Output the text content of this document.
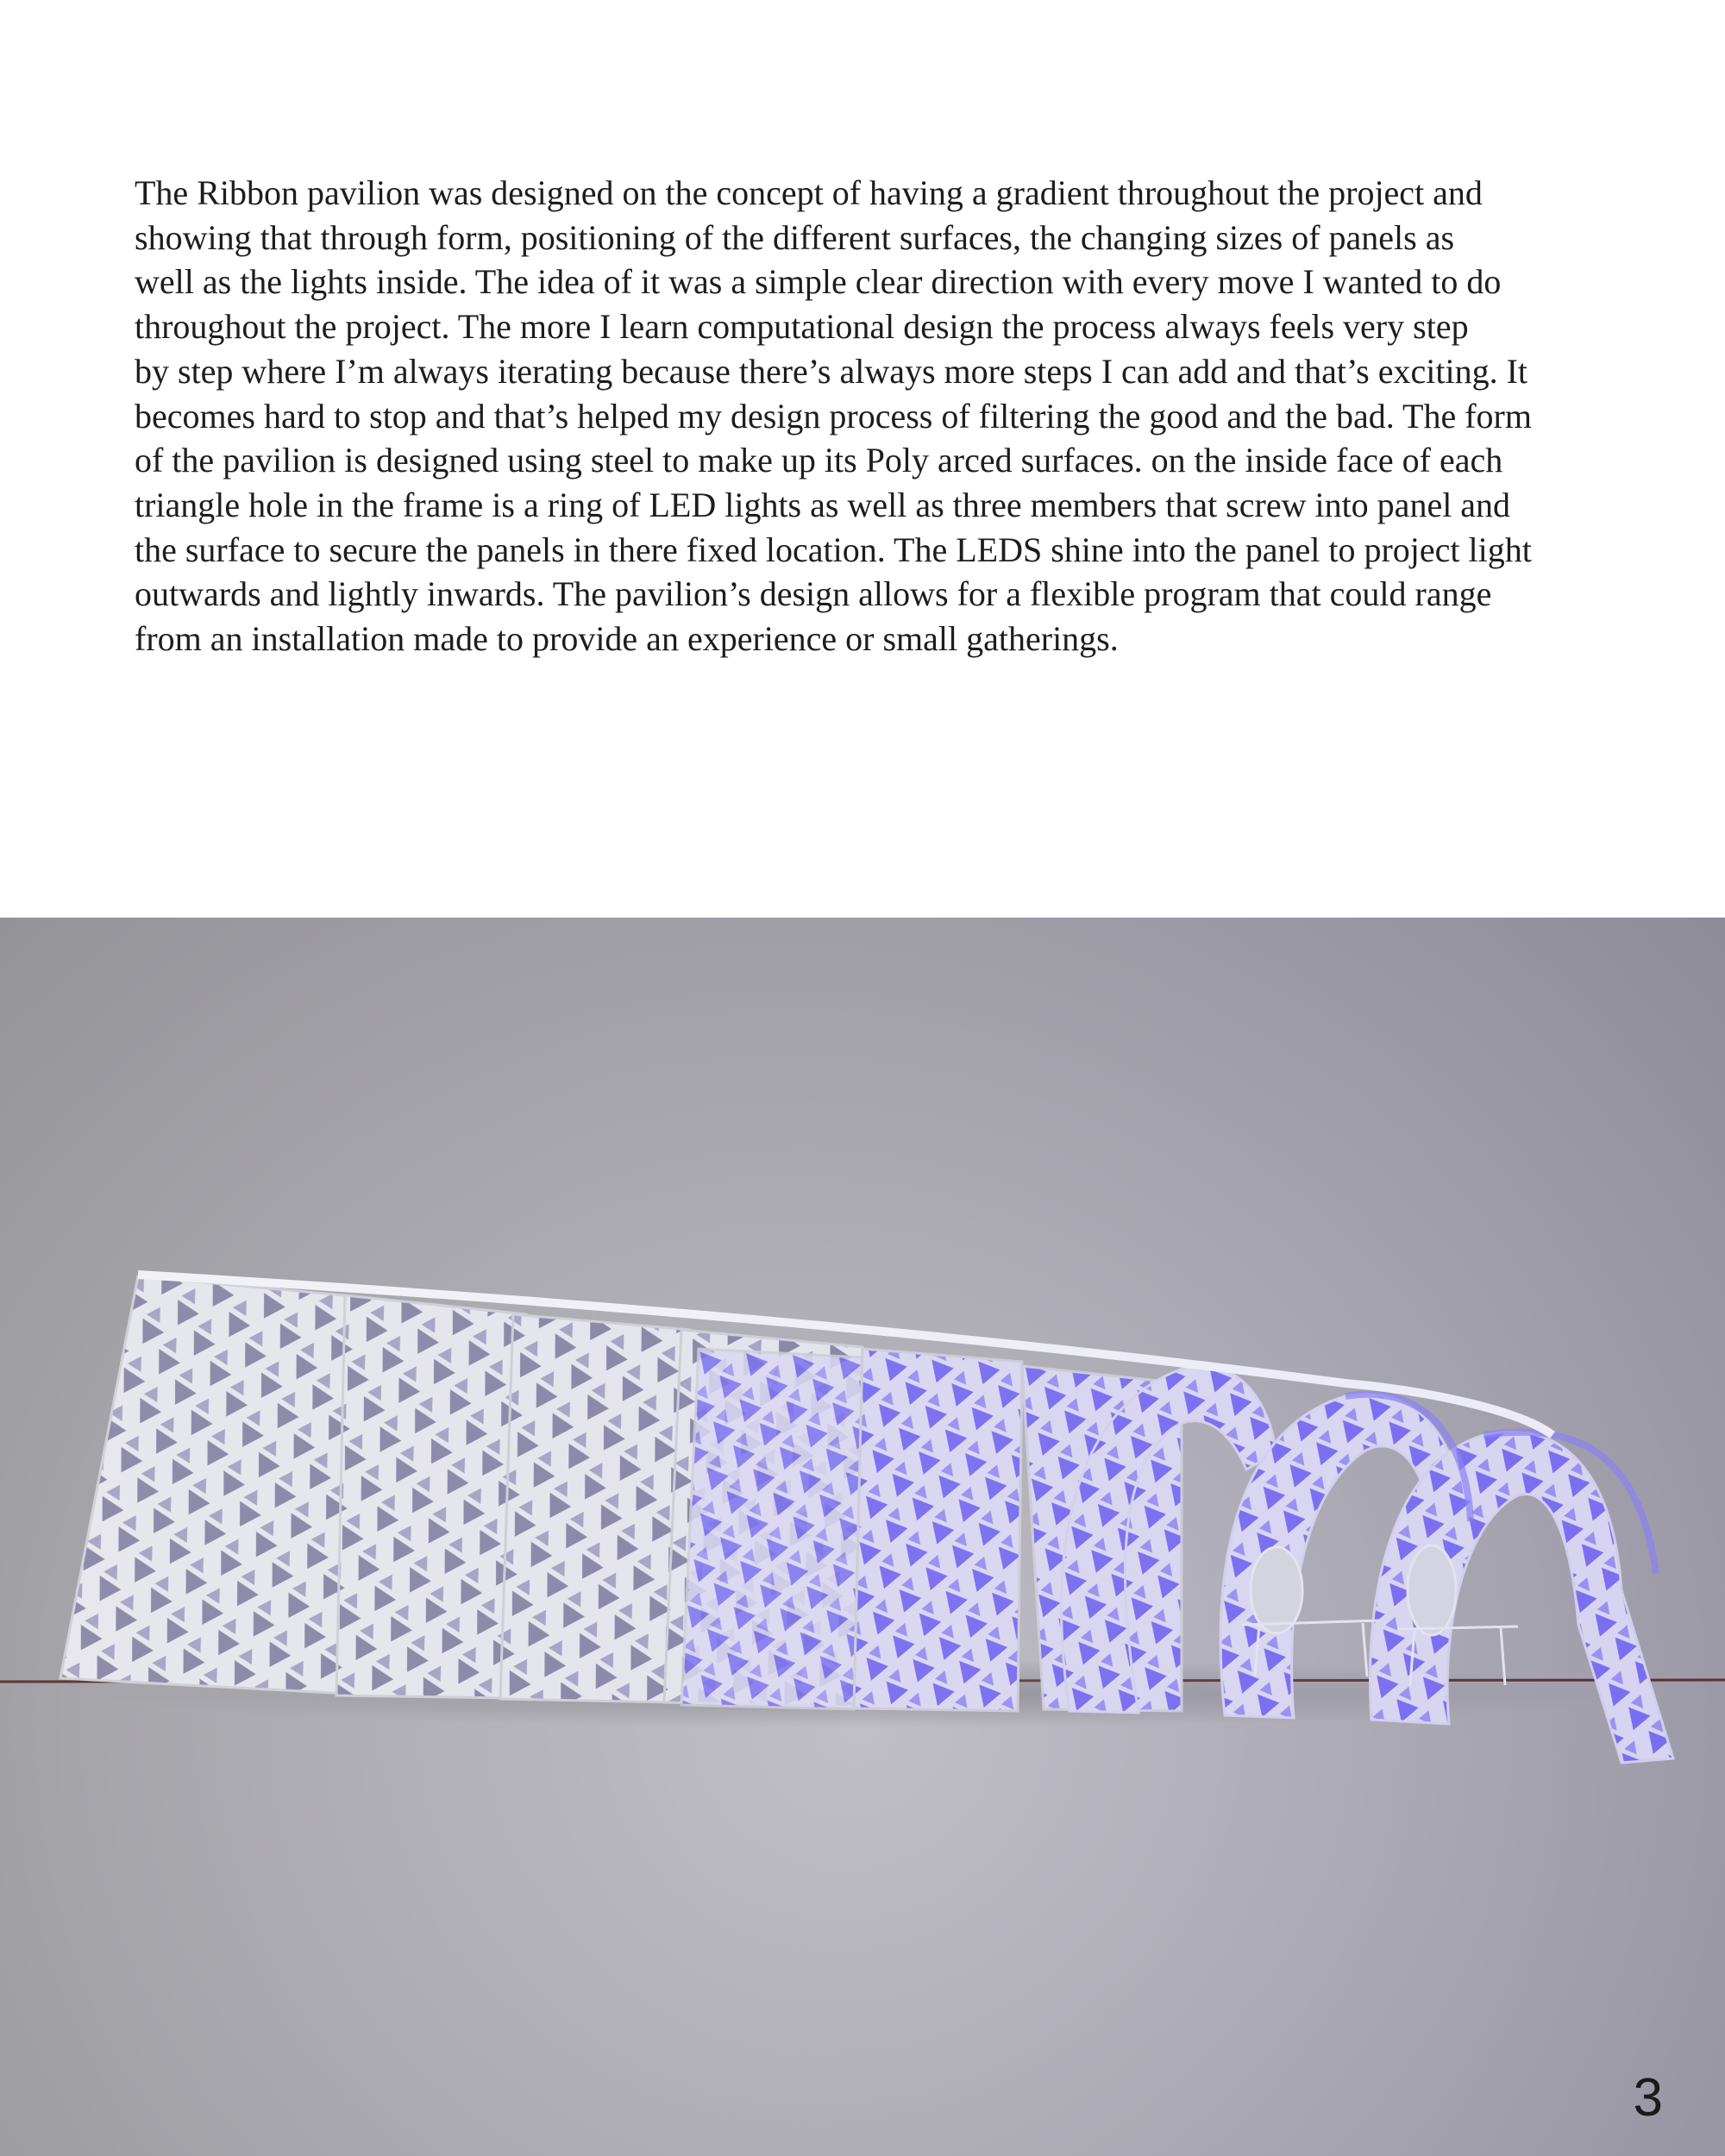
The Ribbon pavilion was designed on the concept of having a gradient throughout the project and
showing that through form, positioning of the different surfaces, the changing sizes of panels as
well as the lights inside. The idea of it was a simple clear direction with every move I wanted to do
throughout the project. The more I learn computational design the process always feels very step
by step where I’m always iterating because there’s always more steps I can add and that’s exciting. It
becomes hard to stop and that’s helped my design process of filtering the good and the bad. The form
of the pavilion is designed using steel to make up its Poly arced surfaces. on the inside face of each
triangle hole in the frame is a ring of LED lights as well as three members that screw into panel and
the surface to secure the panels in there fixed location. The LEDS shine into the panel to project light
outwards and lightly inwards. The pavilion’s design allows for a flexible program that could range
from an installation made to provide an experience or small gatherings.
3
